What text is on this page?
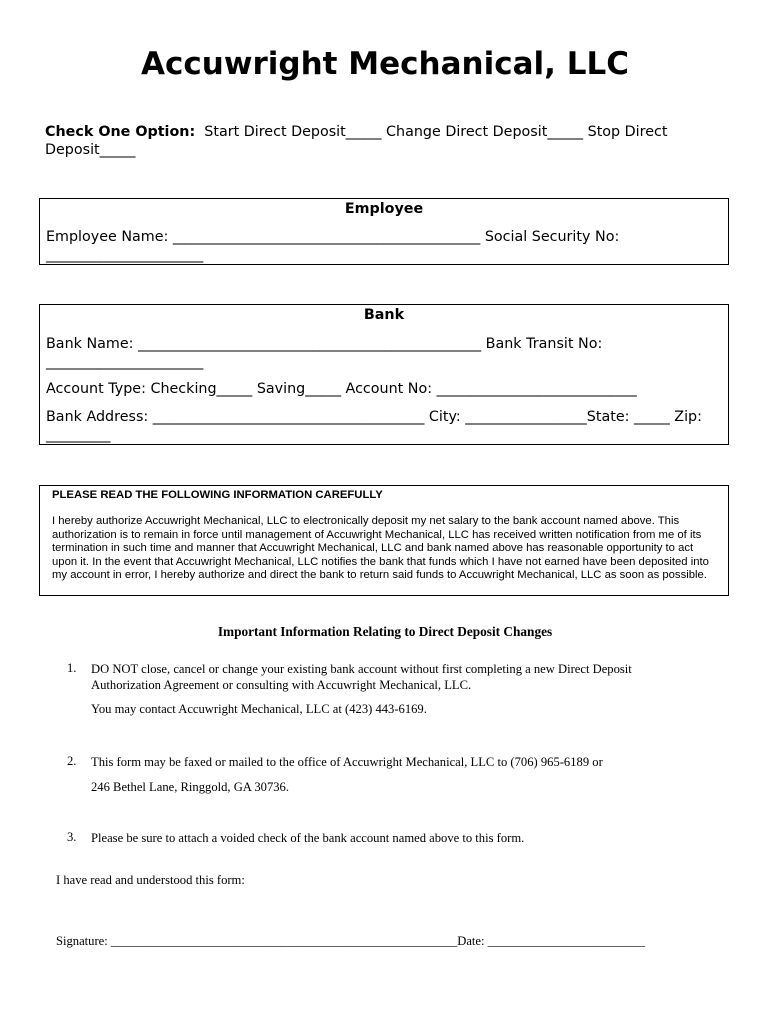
Accuwright Mechanical, LLC
Check One Option: Start Direct Deposit_____ Change Direct Deposit_____ Stop Direct Deposit_____
Employee
Employee Name: ___________________________________________ Social Security No: ______________________
Bank
Bank Name: ________________________________________________ Bank Transit No: ______________________
Account Type: Checking_____ Saving_____ Account No: ____________________________
Bank Address: ______________________________________ City: _________________State: _____ Zip: _________
PLEASE READ THE FOLLOWING INFORMATION CAREFULLY
I hereby authorize Accuwright Mechanical, LLC to electronically deposit my net salary to the bank account named above. This authorization is to remain in force until management of Accuwright Mechanical, LLC has received written notification from me of its termination in such time and manner that Accuwright Mechanical, LLC and bank named above has reasonable opportunity to act upon it. In the event that Accuwright Mechanical, LLC notifies the bank that funds which I have not earned have been deposited into my account in error, I hereby authorize and direct the bank to return said funds to Accuwright Mechanical, LLC as soon as possible.
Important Information Relating to Direct Deposit Changes
1. DO NOT close, cancel or change your existing bank account without first completing a new Direct Deposit Authorization Agreement or consulting with Accuwright Mechanical, LLC.
You may contact Accuwright Mechanical, LLC at (423) 443-6169.
2. This form may be faxed or mailed to the office of Accuwright Mechanical, LLC to (706) 965-6189 or
246 Bethel Lane, Ringgold, GA 30736.
3. Please be sure to attach a voided check of the bank account named above to this form.
I have read and understood this form:
Signature: _______________________________________________________Date: _________________________
